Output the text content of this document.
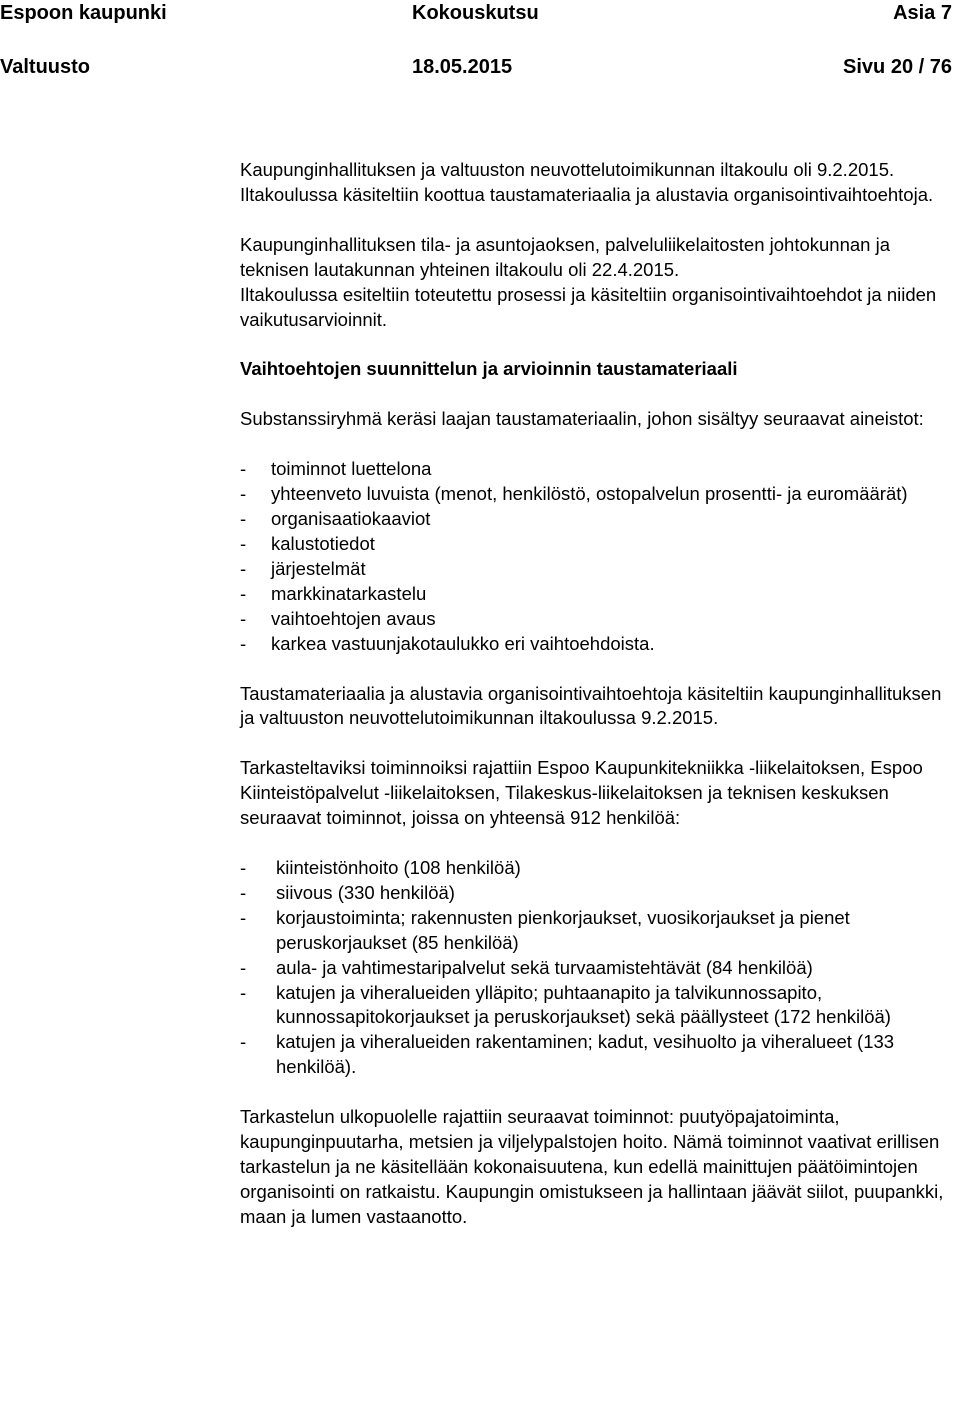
Espoon kaupunki	Kokouskutsu	Asia 7
Valtuusto	18.05.2015	Sivu 20 / 76

Kaupunginhallituksen ja valtuuston neuvottelutoimikunnan iltakoulu oli 9.2.2015. Iltakoulussa käsiteltiin koottua taustamateriaalia ja alustavia organisointivaihtoehtoja.

Kaupunginhallituksen tila- ja asuntojaoksen, palveluliikelaitosten johtokunnan ja teknisen lautakunnan yhteinen iltakoulu oli 22.4.2015.

Iltakoulussa esiteltiin toteutettu prosessi ja käsiteltiin organisointivaihtoehdot ja niiden vaikutusarvioinnit.

Vaihtoehtojen suunnittelun ja arvioinnin taustamateriaali

Substanssiryhmä keräsi laajan taustamateriaalin, johon sisältyy seuraavat aineistot:

- toiminnot luettelona
- yhteenveto luvuista (menot, henkilöstö, ostopalvelun prosentti- ja euromäärät)
- organisaatiokaaviot
- kalustotiedot
- järjestelmät
- markkinatarkastelu
- vaihtoehtojen avaus
- karkea vastuunjakotaulukko eri vaihtoehdoista.

Taustamateriaalia ja alustavia organisointivaihtoehtoja käsiteltiin kaupunginhallituksen ja valtuuston neuvottelutoimikunnan iltakoulussa 9.2.2015.

Tarkasteltaviksi toiminnoiksi rajattiin Espoo Kaupunkitekniikka -liikelaitoksen, Espoo Kiinteistöpalvelut -liikelaitoksen, Tilakeskus-liikelaitoksen ja teknisen keskuksen seuraavat toiminnot, joissa on yhteensä 912 henkilöä:

- kiinteistönhoito (108 henkilöä)
- siivous (330 henkilöä)
- korjaustoiminta; rakennusten pienkorjaukset, vuosikorjaukset ja pienet peruskorjaukset (85 henkilöä)
- aula- ja vahtimestaripalvelut sekä turvaamistehtävät (84 henkilöä)
- katujen ja viheralueiden ylläpito; puhtaanapito ja talvikunnossapito, kunnossapitokorjaukset ja peruskorjaukset) sekä päällysteet (172 henkilöä)
- katujen ja viheralueiden rakentaminen; kadut, vesihuolto ja viheralueet (133 henkilöä).

Tarkastelun ulkopuolelle rajattiin seuraavat toiminnot: puutyöpajatoiminta, kaupunginpuutarha, metsien ja viljelypalstojen hoito. Nämä toiminnot vaativat erillisen tarkastelun ja ne käsitellään kokonaisuutena, kun edellä mainittujen päätöimintojen organisointi on ratkaistu. Kaupungin omistukseen ja hallintaan jäävät siilot, puupankki, maan ja lumen vastaanotto.
